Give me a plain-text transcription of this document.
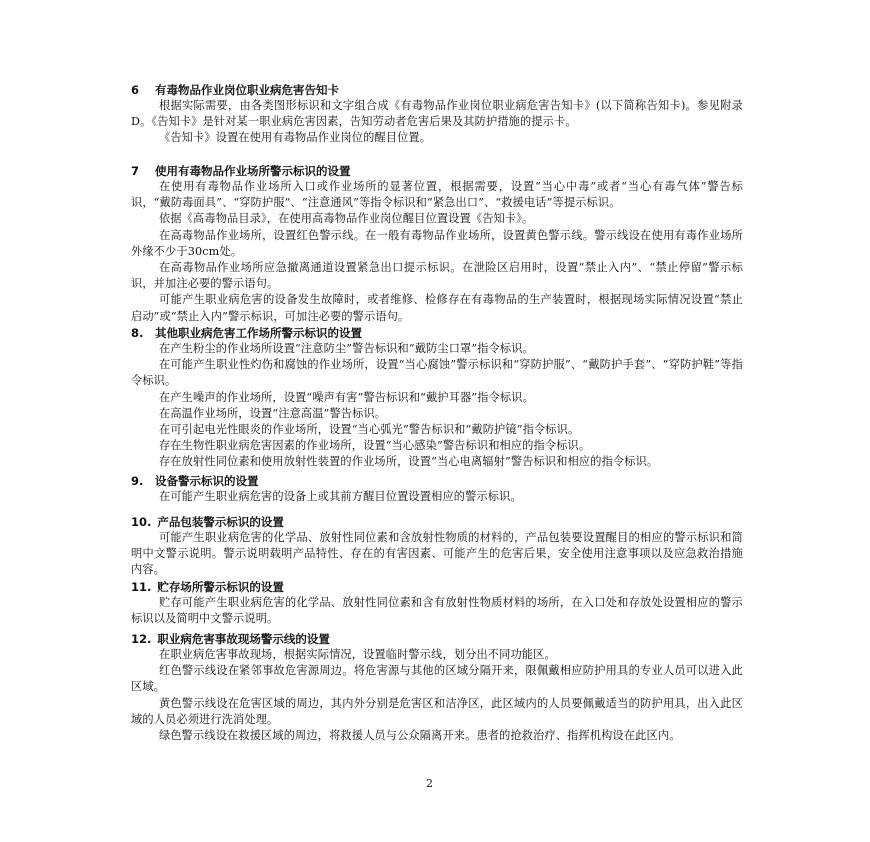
6 有毒物品作业岗位职业病危害告知卡

根据实际需要，由各类图形标识和文字组合成《有毒物品作业岗位职业病危害告知卡》(以下简称告知卡)。参见附录D。《告知卡》是针对某一职业病危害因素，告知劳动者危害后果及其防护措施的提示卡。

《告知卡》设置在使用有毒物品作业岗位的醒目位置。

7 使用有毒物品作业场所警示标识的设置

在使用有毒物品作业场所入口或作业场所的显著位置，根据需要，设置“当心中毒”或者“当心有毒气体”警告标识，“戴防毒面具”、“穿防护服”、“注意通风”等指令标识和“紧急出口”、“救援电话”等提示标识。

依据《高毒物品目录》，在使用高毒物品作业岗位醒目位置设置《告知卡》。

在高毒物品作业场所，设置红色警示线。在一般有毒物品作业场所，设置黄色警示线。警示线设在使用有毒作业场所外缘不少于30cm处。

在高毒物品作业场所应急撤离通道设置紧急出口提示标识。在泄险区启用时，设置“禁止入内”、“禁止停留”警示标识，并加注必要的警示语句。

可能产生职业病危害的设备发生故障时，或者维修、检修存在有毒物品的生产装置时，根据现场实际情况设置“禁止启动”或“禁止入内”警示标识，可加注必要的警示语句。

8. 其他职业病危害工作场所警示标识的设置

在产生粉尘的作业场所设置“注意防尘”警告标识和“戴防尘口罩”指令标识。

在可能产生职业性灼伤和腐蚀的作业场所，设置“当心腐蚀”警示标识和“穿防护服”、“戴防护手套”、“穿防护鞋”等指令标识。

在产生噪声的作业场所，设置“噪声有害”警告标识和“戴护耳器”指令标识。

在高温作业场所，设置“注意高温”警告标识。

在可引起电光性眼炎的作业场所，设置“当心弧光”警告标识和“戴防护镜”指令标识。

存在生物性职业病危害因素的作业场所，设置“当心感染”警告标识和相应的指令标识。

存在放射性同位素和使用放射性装置的作业场所，设置“当心电离辐射”警告标识和相应的指令标识。

9. 设备警示标识的设置

在可能产生职业病危害的设备上或其前方醒目位置设置相应的警示标识。

10. 产品包装警示标识的设置

可能产生职业病危害的化学品、放射性同位素和含放射性物质的材料的，产品包装要设置醒目的相应的警示标识和简明中文警示说明。警示说明载明产品特性、存在的有害因素、可能产生的危害后果，安全使用注意事项以及应急救治措施内容。

11. 贮存场所警示标识的设置

贮存可能产生职业病危害的化学品、放射性同位素和含有放射性物质材料的场所，在入口处和存放处设置相应的警示标识以及简明中文警示说明。

12. 职业病危害事故现场警示线的设置

在职业病危害事故现场，根据实际情况，设置临时警示线，划分出不同功能区。

红色警示线设在紧邻事故危害源周边。将危害源与其他的区域分隔开来，限佩戴相应防护用具的专业人员可以进入此区域。

黄色警示线设在危害区域的周边，其内外分别是危害区和洁净区，此区域内的人员要佩戴适当的防护用具，出入此区域的人员必须进行洗消处理。

绿色警示线设在救援区域的周边，将救援人员与公众隔离开来。患者的抢救治疗、指挥机构设在此区内。

2
